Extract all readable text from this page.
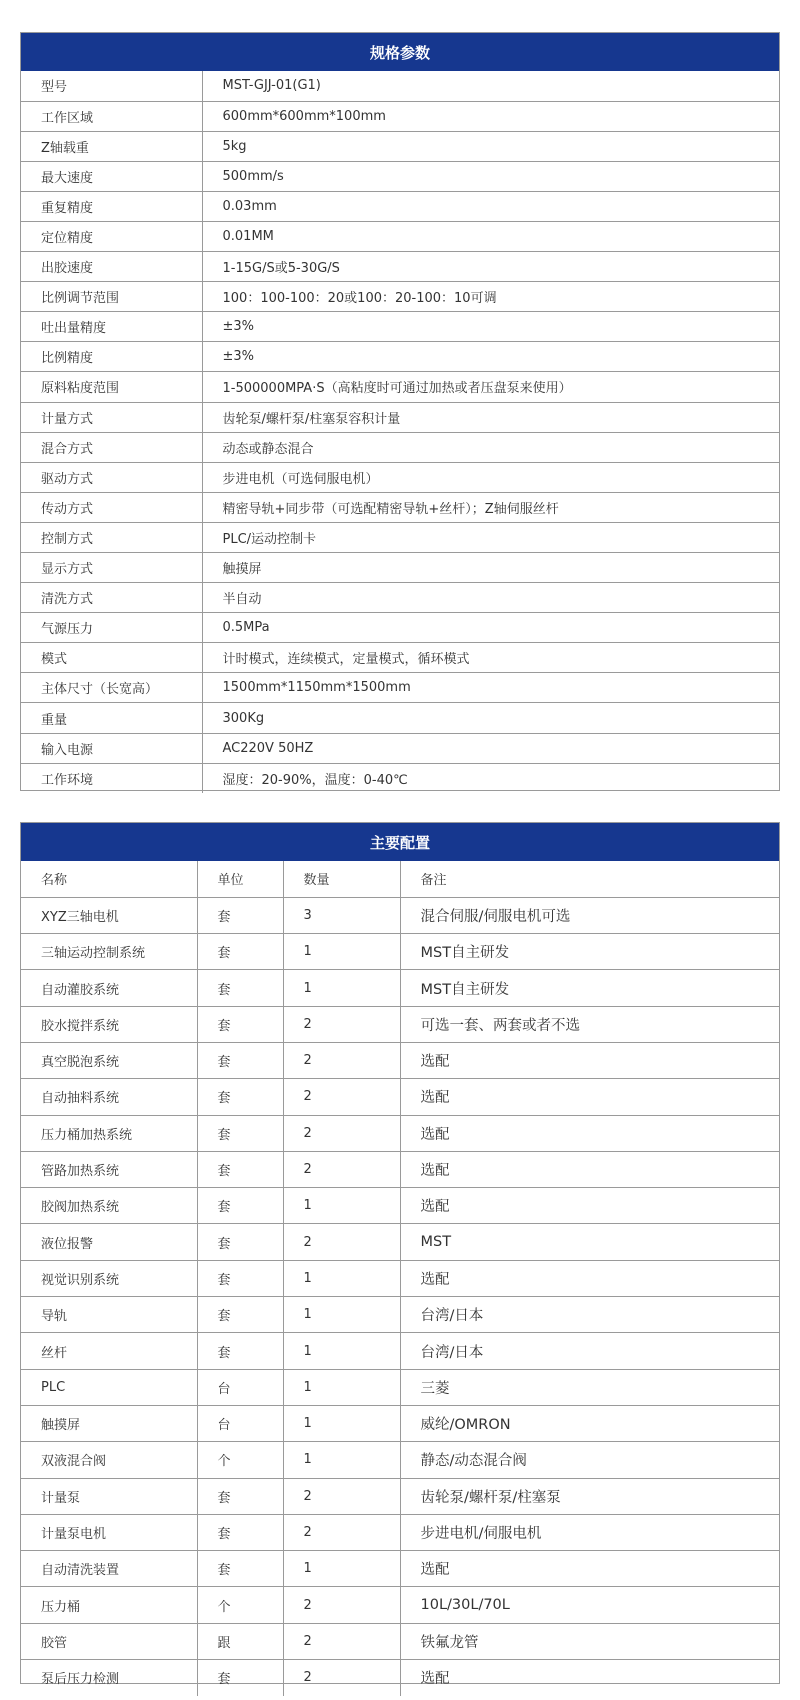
规格参数
型号	MST-GJJ-01(G1)
工作区域	600mm*600mm*100mm
Z轴载重	5kg
最大速度	500mm/s
重复精度	0.03mm
定位精度	0.01MM
出胶速度	1-15G/S或5-30G/S
比例调节范围	100：100-100：20或100：20-100：10可调
吐出量精度	±3%
比例精度	±3%
原料粘度范围	1-500000MPA·S（高粘度时可通过加热或者压盘泵来使用）
计量方式	齿轮泵/螺杆泵/柱塞泵容积计量
混合方式	动态或静态混合
驱动方式	步进电机（可选伺服电机）
传动方式	精密导轨+同步带（可选配精密导轨+丝杆）；Z轴伺服丝杆
控制方式	PLC/运动控制卡
显示方式	触摸屏
清洗方式	半自动
气源压力	0.5MPa
模式	计时模式，连续模式，定量模式，循环模式
主体尺寸（长宽高）	1500mm*1150mm*1500mm
重量	300Kg
输入电源	AC220V 50HZ
工作环境	湿度：20-90%，温度：0-40℃
主要配置
名称	单位	数量	备注
XYZ三轴电机	套	3	混合伺服/伺服电机可选
三轴运动控制系统	套	1	MST自主研发
自动灌胶系统	套	1	MST自主研发
胶水搅拌系统	套	2	可选一套、两套或者不选
真空脱泡系统	套	2	选配
自动抽料系统	套	2	选配
压力桶加热系统	套	2	选配
管路加热系统	套	2	选配
胶阀加热系统	套	1	选配
液位报警	套	2	MST
视觉识别系统	套	1	选配
导轨	套	1	台湾/日本
丝杆	套	1	台湾/日本
PLC	台	1	三菱
触摸屏	台	1	威纶/OMRON
双液混合阀	个	1	静态/动态混合阀
计量泵	套	2	齿轮泵/螺杆泵/柱塞泵
计量泵电机	套	2	步进电机/伺服电机
自动清洗装置	套	1	选配
压力桶	个	2	10L/30L/70L
胶管	跟	2	铁氟龙管
泵后压力检测	套	2	选配
